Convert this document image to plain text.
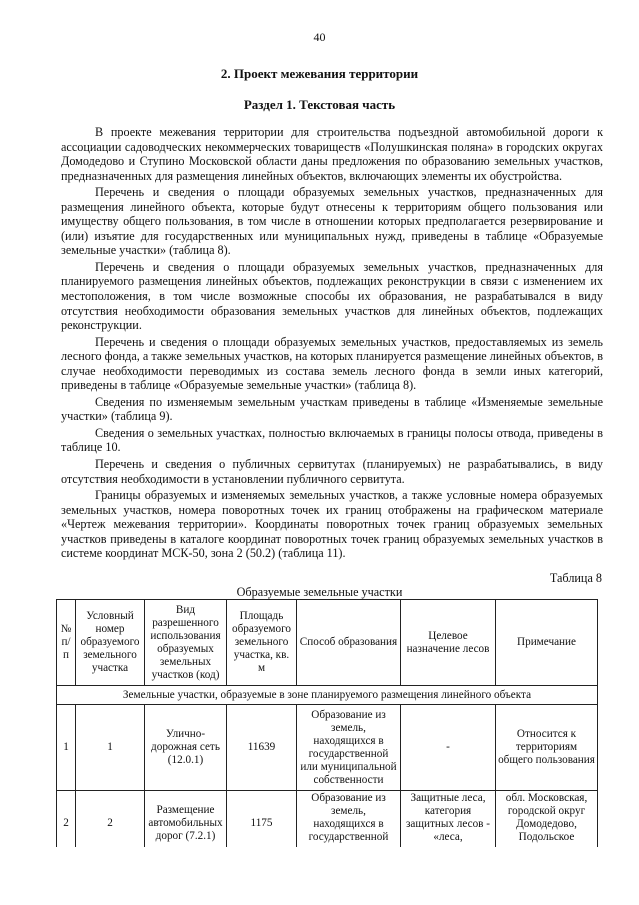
40
2. Проект межевания территории
Раздел 1. Текстовая часть

В проекте межевания территории для строительства подъездной автомобильной дороги к ассоциации садоводческих некоммерческих товариществ «Полушкинская поляна» в городских округах Домодедово и Ступино Московской области даны предложения по образованию земельных участков, предназначенных для размещения линейных объектов, включающих элементы их обустройства.

Перечень и сведения о площади образуемых земельных участков, предназначенных для размещения линейного объекта, которые будут отнесены к территориям общего пользования или имуществу общего пользования, в том числе в отношении которых предполагается резервирование и (или) изъятие для государственных или муниципальных нужд, приведены в таблице «Образуемые земельные участки» (таблица 8).

Перечень и сведения о площади образуемых земельных участков, предназначенных для планируемого размещения линейных объектов, подлежащих реконструкции в связи с изменением их местоположения, в том числе возможные способы их образования, не разрабатывался в виду отсутствия необходимости образования земельных участков для линейных объектов, подлежащих реконструкции.

Перечень и сведения о площади образуемых земельных участков, предоставляемых из земель лесного фонда, а также земельных участков, на которых планируется размещение линейных объектов, в случае необходимости переводимых из состава земель лесного фонда в земли иных категорий, приведены в таблице «Образуемые земельные участки» (таблица 8).

Сведения по изменяемым земельным участкам приведены в таблице «Изменяемые земельные участки» (таблица 9).

Сведения о земельных участках, полностью включаемых в границы полосы отвода, приведены в таблице 10.

Перечень и сведения о публичных сервитутах (планируемых) не разрабатывались, в виду отсутствия необходимости в установлении публичного сервитута.

Границы образуемых и изменяемых земельных участков, а также условные номера образуемых земельных участков, номера поворотных точек их границ отображены на графическом материале «Чертеж межевания территории». Координаты поворотных точек границ образуемых земельных участков приведены в каталоге координат поворотных точек границ образуемых земельных участков в системе координат МСК-50, зона 2 (50.2) (таблица 11).

Таблица 8
Образуемые земельные участки
№ п/п	Условный номер образуемого земельного участка	Вид разрешенного использования образуемых земельных участков (код)	Площадь образуемого земельного участка, кв. м	Способ образования	Целевое назначение лесов	Примечание
Земельные участки, образуемые в зоне планируемого размещения линейного объекта						
1	1	Улично-дорожная сеть (12.0.1)	11639	Образование из земель, находящихся в государственной или муниципальной собственности	-	Относится к территориям общего пользования
2	2	Размещение автомобильных дорог (7.2.1)	1175	Образование из земель, находящихся в государственной	Защитные леса, категория защитных лесов - «леса,	обл. Московская, городской округ Домодедово, Подольское
